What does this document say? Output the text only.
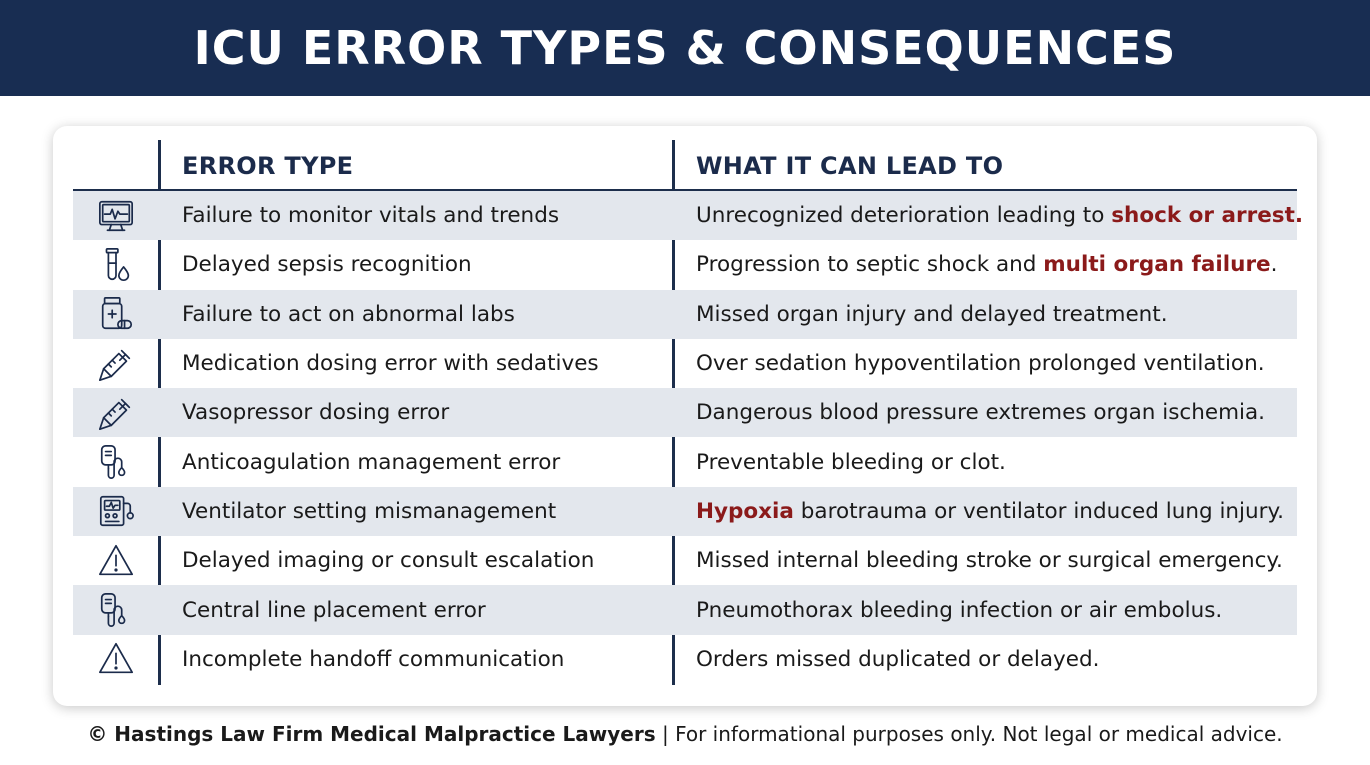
ICU ERROR TYPES & CONSEQUENCES
ERROR TYPE	WHAT IT CAN LEAD TO
Failure to monitor vitals and trends	Unrecognized deterioration leading to shock or arrest.
Delayed sepsis recognition	Progression to septic shock and multi organ failure .
Failure to act on abnormal labs	Missed organ injury and delayed treatment.
Medication dosing error with sedatives	Over sedation hypoventilation prolonged ventilation.
Vasopressor dosing error	Dangerous blood pressure extremes organ ischemia.
Anticoagulation management error	Preventable bleeding or clot.
Ventilator setting mismanagement	Hypoxia barotrauma or ventilator induced lung injury.
Delayed imaging or consult escalation	Missed internal bleeding stroke or surgical emergency.
Central line placement error	Pneumothorax bleeding infection or air embolus.
Incomplete handoff communication	Orders missed duplicated or delayed.
© Hastings Law Firm Medical Malpractice Lawyers | For informational purposes only. Not legal or medical advice.
